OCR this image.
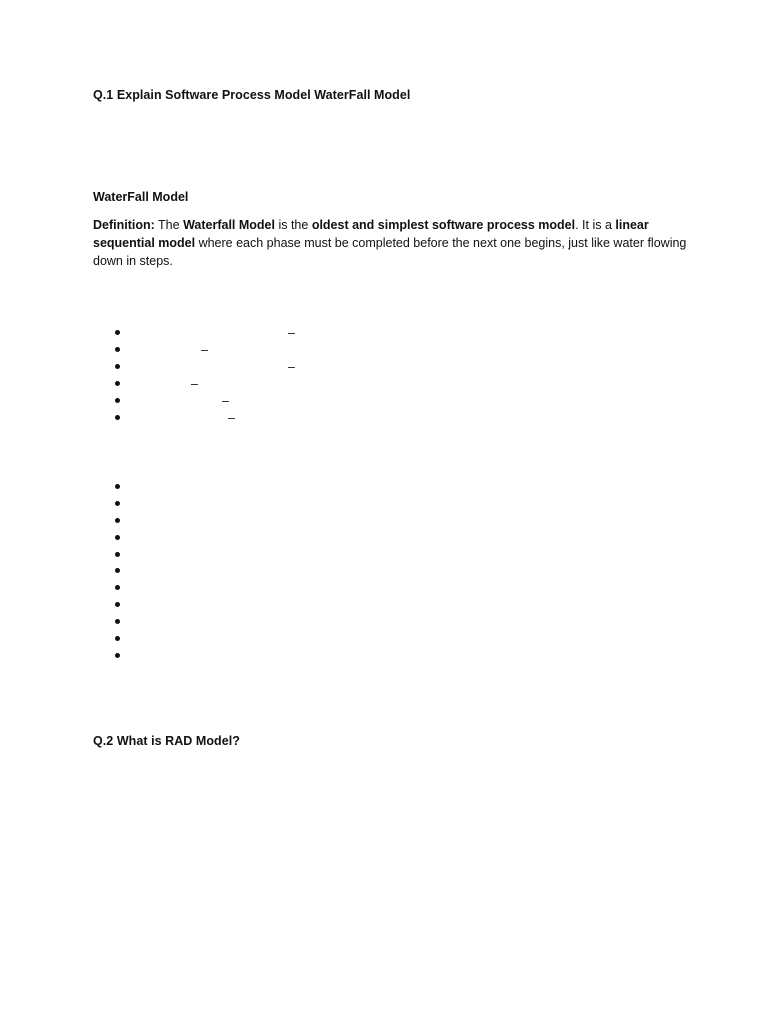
Q.1 Explain Software Process Model WaterFall Model
WaterFall Model
Definition: The Waterfall Model is the oldest and simplest software process model. It is a linear sequential model where each phase must be completed before the next one begins, just like water flowing down in steps.
–
–
–
–
–
–
Q.2 What is RAD Model?
